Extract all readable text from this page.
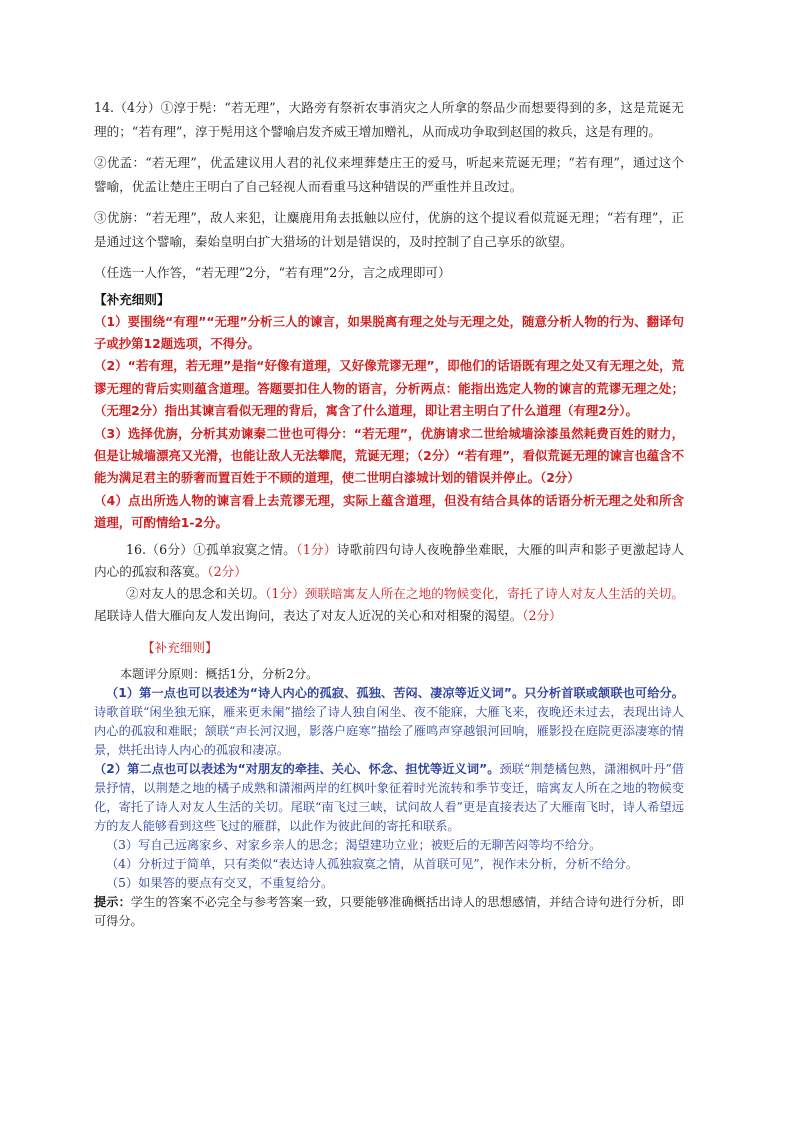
14.（4分）①淳于髡：“若无理”，大路旁有祭祈农事消灾之人所拿的祭品少而想要得到的多，这是荒诞无理的；“若有理”，淳于髡用这个譬喻启发齐威王增加赠礼，从而成功争取到赵国的救兵，这是有理的。

②优孟：“若无理”，优孟建议用人君的礼仪来埋葬楚庄王的爱马，听起来荒诞无理；“若有理”，通过这个譬喻，优孟让楚庄王明白了自己轻视人而看重马这种错误的严重性并且改过。

③优旃：“若无理”，敌人来犯，让麋鹿用角去抵触以应付，优旃的这个提议看似荒诞无理；“若有理”，正是通过这个譬喻，秦始皇明白扩大猎场的计划是错误的，及时控制了自己享乐的欲望。

（任选一人作答，“若无理”2分，“若有理”2分，言之成理即可）

【补充细则】

（1）要围绕“有理”“无理”分析三人的谏言，如果脱离有理之处与无理之处，随意分析人物的行为、翻译句子或抄第12题选项，不得分。

（2）“若有理，若无理”是指“好像有道理，又好像荒谬无理”，即他们的话语既有理之处又有无理之处，荒谬无理的背后实则蕴含道理。答题要扣住人物的语言，分析两点：能指出选定人物的谏言的荒谬无理之处；（无理2分）指出其谏言看似无理的背后，寓含了什么道理，即让君主明白了什么道理（有理2分）。

（3）选择优旃，分析其劝谏秦二世也可得分：“若无理”，优旃请求二世给城墙涂漆虽然耗费百姓的财力，但是让城墙漂亮又光滑，也能让敌人无法攀爬，荒诞无理；（2分）“若有理”，看似荒诞无理的谏言也蕴含不能为满足君主的骄奢而置百姓于不顾的道理，使二世明白漆城计划的错误并停止。（2分）

（4）点出所选人物的谏言看上去荒谬无理，实际上蕴含道理，但没有结合具体的话语分析无理之处和所含道理，可酌情给1-2分。

16.（6分）①孤单寂寞之情。（1分）诗歌前四句诗人夜晚静坐难眠，大雁的叫声和影子更激起诗人内心的孤寂和落寞。（2分）

②对友人的思念和关切。（1分）颈联暗寓友人所在之地的物候变化，寄托了诗人对友人生活的关切。尾联诗人借大雁向友人发出询问，表达了对友人近况的关心和对相聚的渴望。（2分）

【补充细则】

本题评分原则：概括1分，分析2分。

（1）第一点也可以表述为“诗人内心的孤寂、孤独、苦闷、凄凉等近义词”。只分析首联或颔联也可给分。诗歌首联“闲坐独无寐，雁来更未阑”描绘了诗人独自闲坐、夜不能寐，大雁飞来，夜晚还未过去，表现出诗人内心的孤寂和难眠；颔联“声长河汉迥，影落户庭寒”描绘了雁鸣声穿越银河回响，雁影投在庭院更添凄寒的情景，烘托出诗人内心的孤寂和凄凉。

（2）第二点也可以表述为“对朋友的牵挂、关心、怀念、担忧等近义词”。颈联“荆楚橘包熟，潇湘枫叶丹”借景抒情，以荆楚之地的橘子成熟和潇湘两岸的红枫叶象征着时光流转和季节变迁，暗寓友人所在之地的物候变化，寄托了诗人对友人生活的关切。尾联“南飞过三峡，试问故人看”更是直接表达了大雁南飞时，诗人希望远方的友人能够看到这些飞过的雁群，以此作为彼此间的寄托和联系。

（3）写自己远离家乡、对家乡亲人的思念；渴望建功立业；被贬后的无聊苦闷等均不给分。

（4）分析过于简单，只有类似“表达诗人孤独寂寞之情，从首联可见”，视作未分析，分析不给分。

（5）如果答的要点有交叉，不重复给分。

提示：学生的答案不必完全与参考答案一致，只要能够准确概括出诗人的思想感情，并结合诗句进行分析，即可得分。
